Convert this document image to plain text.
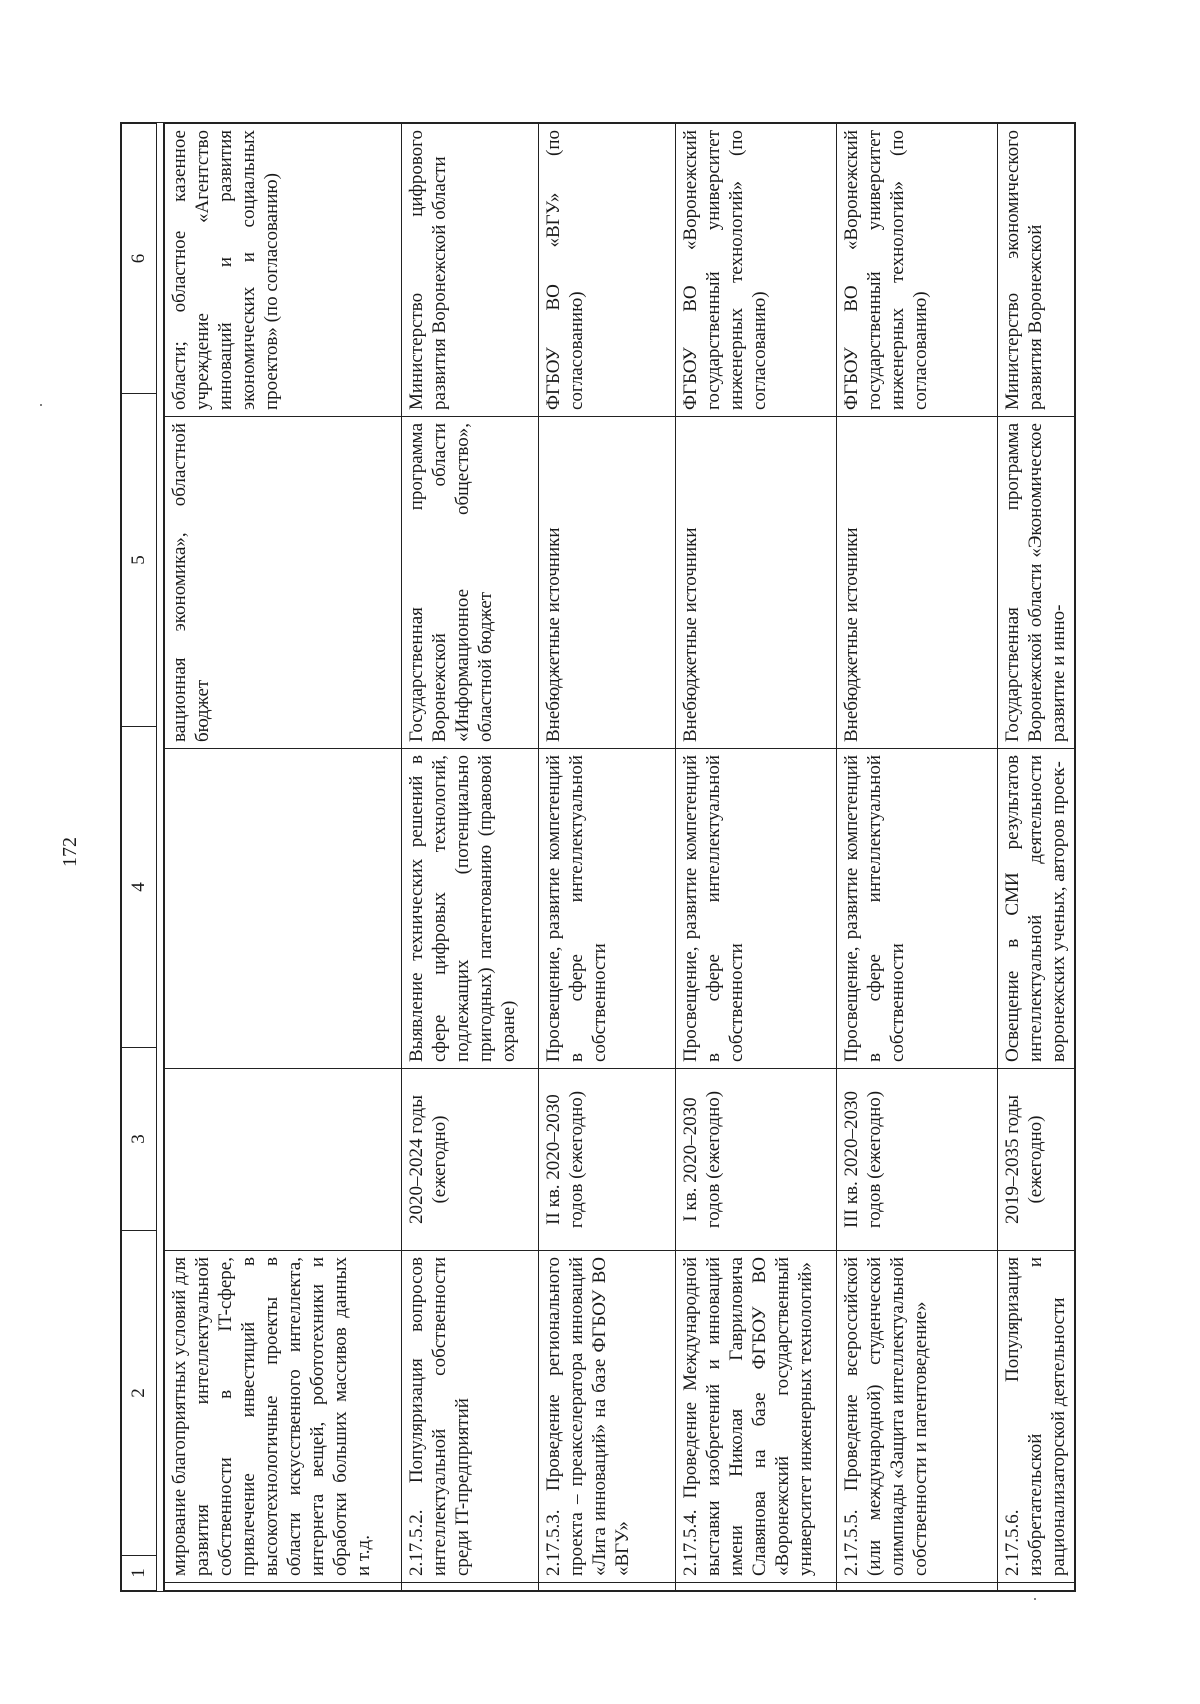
172
1
2
3
4
5
6
мирование благоприятных условий для развития интеллектуальной собственности в IT-сфере, привлечение инвестиций в высокотехнологичные проекты в области искусственного интеллекта, интернета вещей, робототехники и обработки больших массивов данных и т.д.
вационная экономика», областной бюджет
области; областное казенное учреждение «Агентство инноваций и развития экономических и социальных проектов» (по согласованию)
2.17.5.2. Популяризация вопросов интеллектуальной собственности среди IT-предприятий
2020–2024 годы (ежегодно)
Выявление технических решений в сфере цифровых технологий, подлежащих (потенциально пригодных) патентованию (правовой охране)
Государственная программа Воронежской области «Информационное общество», областной бюджет
Министерство цифрового развития Воронежской области
2.17.5.3. Проведение регионального проекта – преакселератора инноваций «Лига инноваций» на базе ФГБОУ ВО «ВГУ»
II кв. 2020–2030 годов (ежегодно)
Просвещение, развитие компетенций в сфере интеллектуальной собственности
Внебюджетные источники
ФГБОУ ВО «ВГУ» (по согласованию)
2.17.5.4. Проведение Международной выставки изобретений и инноваций имени Николая Гавриловича Славянова на базе ФГБОУ ВО «Воронежский государственный университет инженерных технологий»
I кв. 2020–2030 годов (ежегодно)
Просвещение, развитие компетенций в сфере интеллектуальной собственности
Внебюджетные источники
ФГБОУ ВО «Воронежский государственный университет инженерных технологий» (по согласованию)
2.17.5.5. Проведение всероссийской (или международной) студенческой олимпиады «Защита интеллектуальной собственности и патентоведение»
III кв. 2020–2030 годов (ежегодно)
Просвещение, развитие компетенций в сфере интеллектуальной собственности
Внебюджетные источники
ФГБОУ ВО «Воронежский государственный университет инженерных технологий» (по согласованию)
2.17.5.6. Популяризация изобретательской и рационализаторской деятельности
2019–2035 годы (ежегодно)
Освещение в СМИ результатов интеллектуальной деятельности воронежских ученых, авторов проек-
Государственная программа Воронежской области «Экономическое развитие и инно-
Министерство экономического развития Воронежской
